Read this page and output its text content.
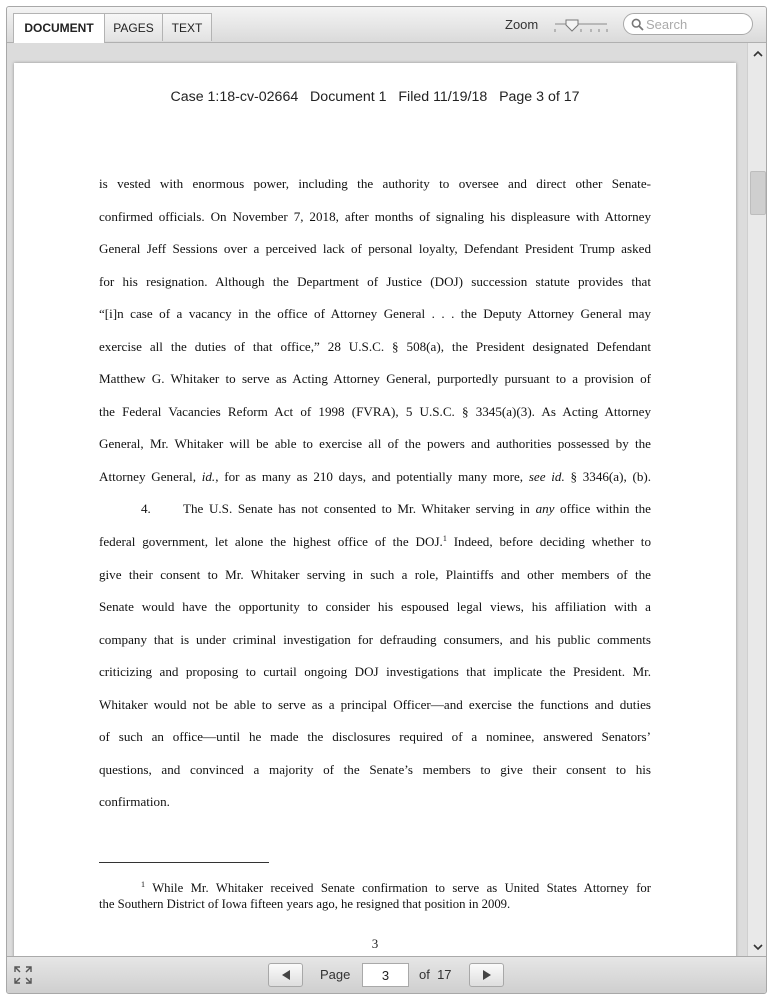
DOCUMENT	PAGES	TEXT	Zoom
Search
Case 1:18-cv-02664   Document 1   Filed 11/19/18   Page 3 of 17
is vested with enormous power, including the authority to oversee and direct other Senate-
confirmed officials. On November 7, 2018, after months of signaling his displeasure with Attorney
General Jeff Sessions over a perceived lack of personal loyalty, Defendant President Trump asked
for his resignation. Although the Department of Justice (DOJ) succession statute provides that
“[i]n case of a vacancy in the office of Attorney General . . . the Deputy Attorney General may
exercise all the duties of that office,” 28 U.S.C. § 508(a), the President designated Defendant
Matthew G. Whitaker to serve as Acting Attorney General, purportedly pursuant to a provision of
the Federal Vacancies Reform Act of 1998 (FVRA), 5 U.S.C. § 3345(a)(3). As Acting Attorney
General, Mr. Whitaker will be able to exercise all of the powers and authorities possessed by the
Attorney General, id., for as many as 210 days, and potentially many more, see id. § 3346(a), (b).
4. The U.S. Senate has not consented to Mr. Whitaker serving in any office within the
federal government, let alone the highest office of the DOJ.$^1$ Indeed, before deciding whether to
give their consent to Mr. Whitaker serving in such a role, Plaintiffs and other members of the
Senate would have the opportunity to consider his espoused legal views, his affiliation with a
company that is under criminal investigation for defrauding consumers, and his public comments
criticizing and proposing to curtail ongoing DOJ investigations that implicate the President. Mr.
Whitaker would not be able to serve as a principal Officer—and exercise the functions and duties
of such an office—until he made the disclosures required of a nominee, answered Senators’
questions, and convinced a majority of the Senate’s members to give their consent to his
confirmation.
$^1$ While Mr. Whitaker received Senate confirmation to serve as United States Attorney for
the Southern District of Iowa fifteen years ago, he resigned that position in 2009.
3
Page
3	of  17
